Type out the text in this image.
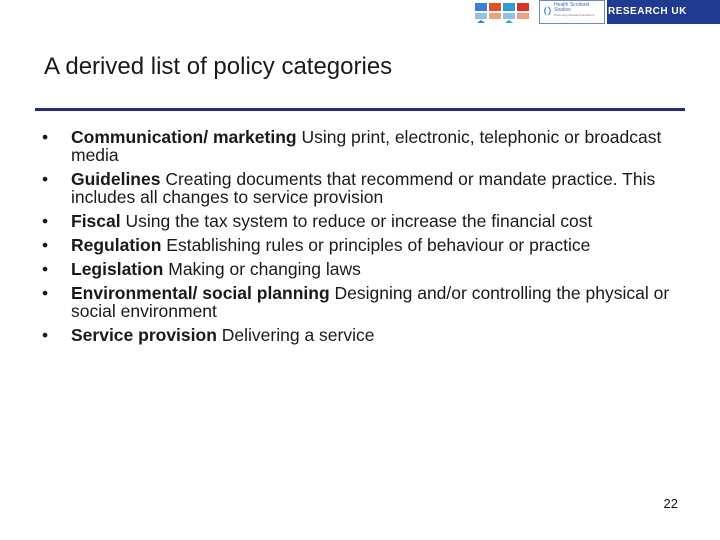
Health Scotland Studies
Promoting Research Evidence	RESEARCH UK
A derived list of policy categories
• Communication/ marketing Using print, electronic, telephonic or broadcast media
• Guidelines Creating documents that recommend or mandate practice. This includes all changes to service provision
• Fiscal Using the tax system to reduce or increase the financial cost
• Regulation Establishing rules or principles of behaviour or practice
• Legislation Making or changing laws
• Environmental/ social planning Designing and/or controlling the physical or social environment
• Service provision Delivering a service
22
